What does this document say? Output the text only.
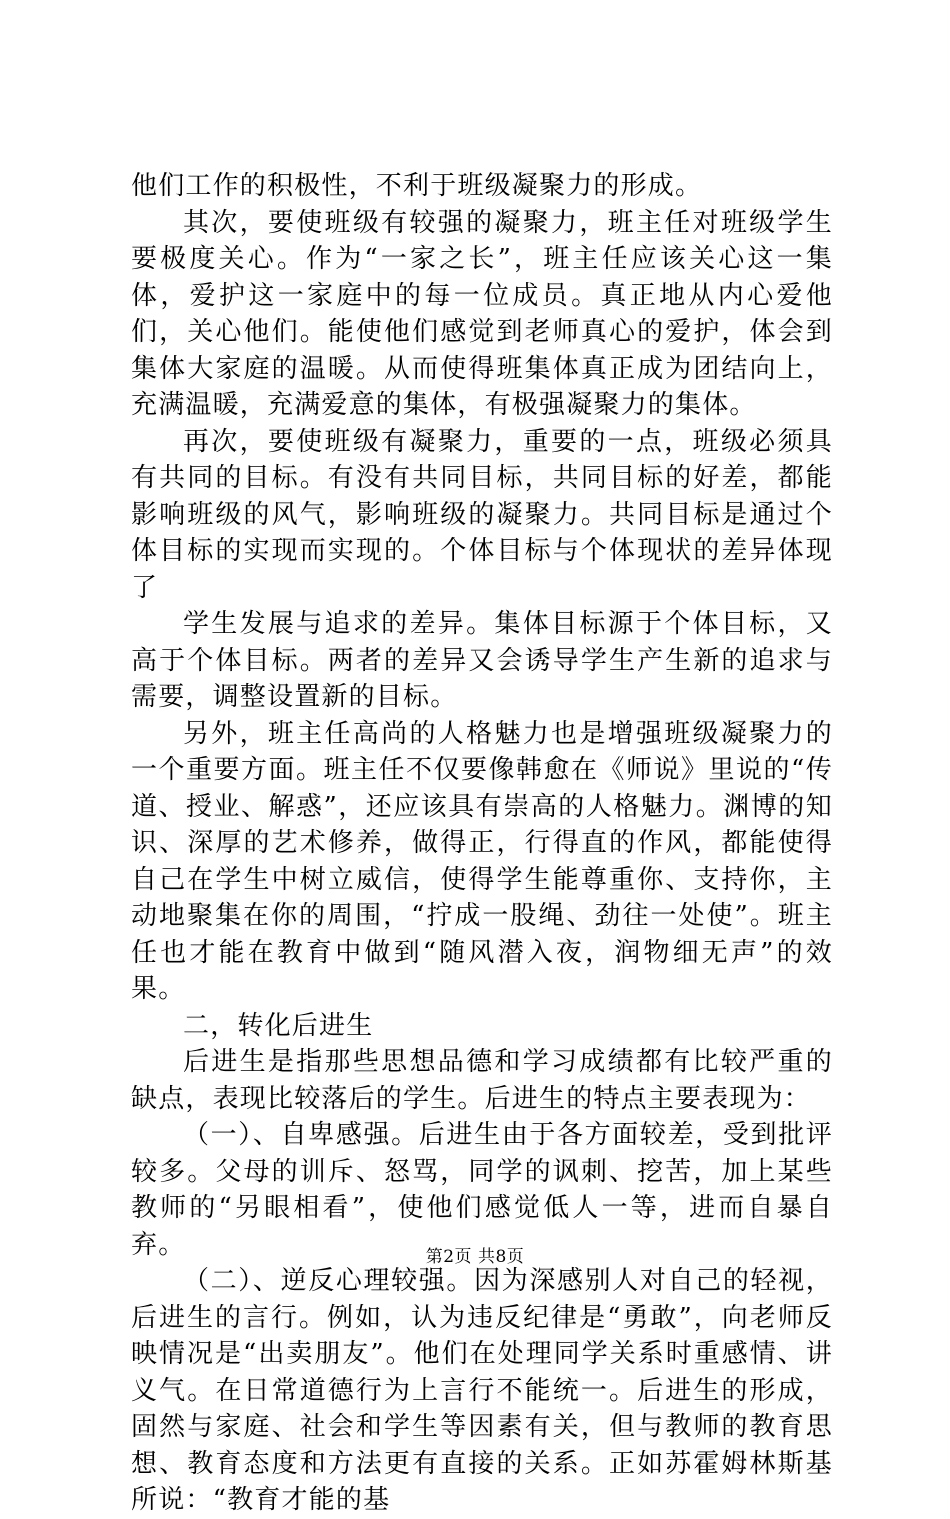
他们工作的积极性，不利于班级凝聚力的形成。

其次，要使班级有较强的凝聚力，班主任对班级学生要极度关心。作为“一家之长”，班主任应该关心这一集体，爱护这一家庭中的每一位成员。真正地从内心爱他们，关心他们。能使他们感觉到老师真心的爱护，体会到集体大家庭的温暖。从而使得班集体真正成为团结向上，充满温暖，充满爱意的集体，有极强凝聚力的集体。

再次，要使班级有凝聚力，重要的一点，班级必须具有共同的目标。有没有共同目标，共同目标的好差，都能影响班级的风气，影响班级的凝聚力。共同目标是通过个体目标的实现而实现的。个体目标与个体现状的差异体现了

学生发展与追求的差异。集体目标源于个体目标，又高于个体目标。两者的差异又会诱导学生产生新的追求与需要，调整设置新的目标。

另外，班主任高尚的人格魅力也是增强班级凝聚力的一个重要方面。班主任不仅要像韩愈在《师说》里说的“传道、授业、解惑”，还应该具有崇高的人格魅力。渊博的知识、深厚的艺术修养，做得正，行得直的作风，都能使得自己在学生中树立威信，使得学生能尊重你、支持你，主动地聚集在你的周围，“拧成一股绳、劲往一处使”。班主任也才能在教育中做到“随风潜入夜，润物细无声”的效果。

二，转化后进生

后进生是指那些思想品德和学习成绩都有比较严重的缺点，表现比较落后的学生。后进生的特点主要表现为：

（一）、自卑感强。后进生由于各方面较差，受到批评较多。父母的训斥、怒骂，同学的讽刺、挖苦，加上某些教师的“另眼相看”，使他们感觉低人一等，进而自暴自弃。

（二）、逆反心理较强。因为深感别人对自己的轻视，后进生的言行。例如，认为违反纪律是“勇敢”，向老师反映情况是“出卖朋友”。他们在处理同学关系时重感情、讲义气。在日常道德行为上言行不能统一。后进生的形成，固然与家庭、社会和学生等因素有关，但与教师的教育思想、教育态度和方法更有直接的关系。正如苏霍姆林斯基所说：“教育才能的基

第2页 共8页
